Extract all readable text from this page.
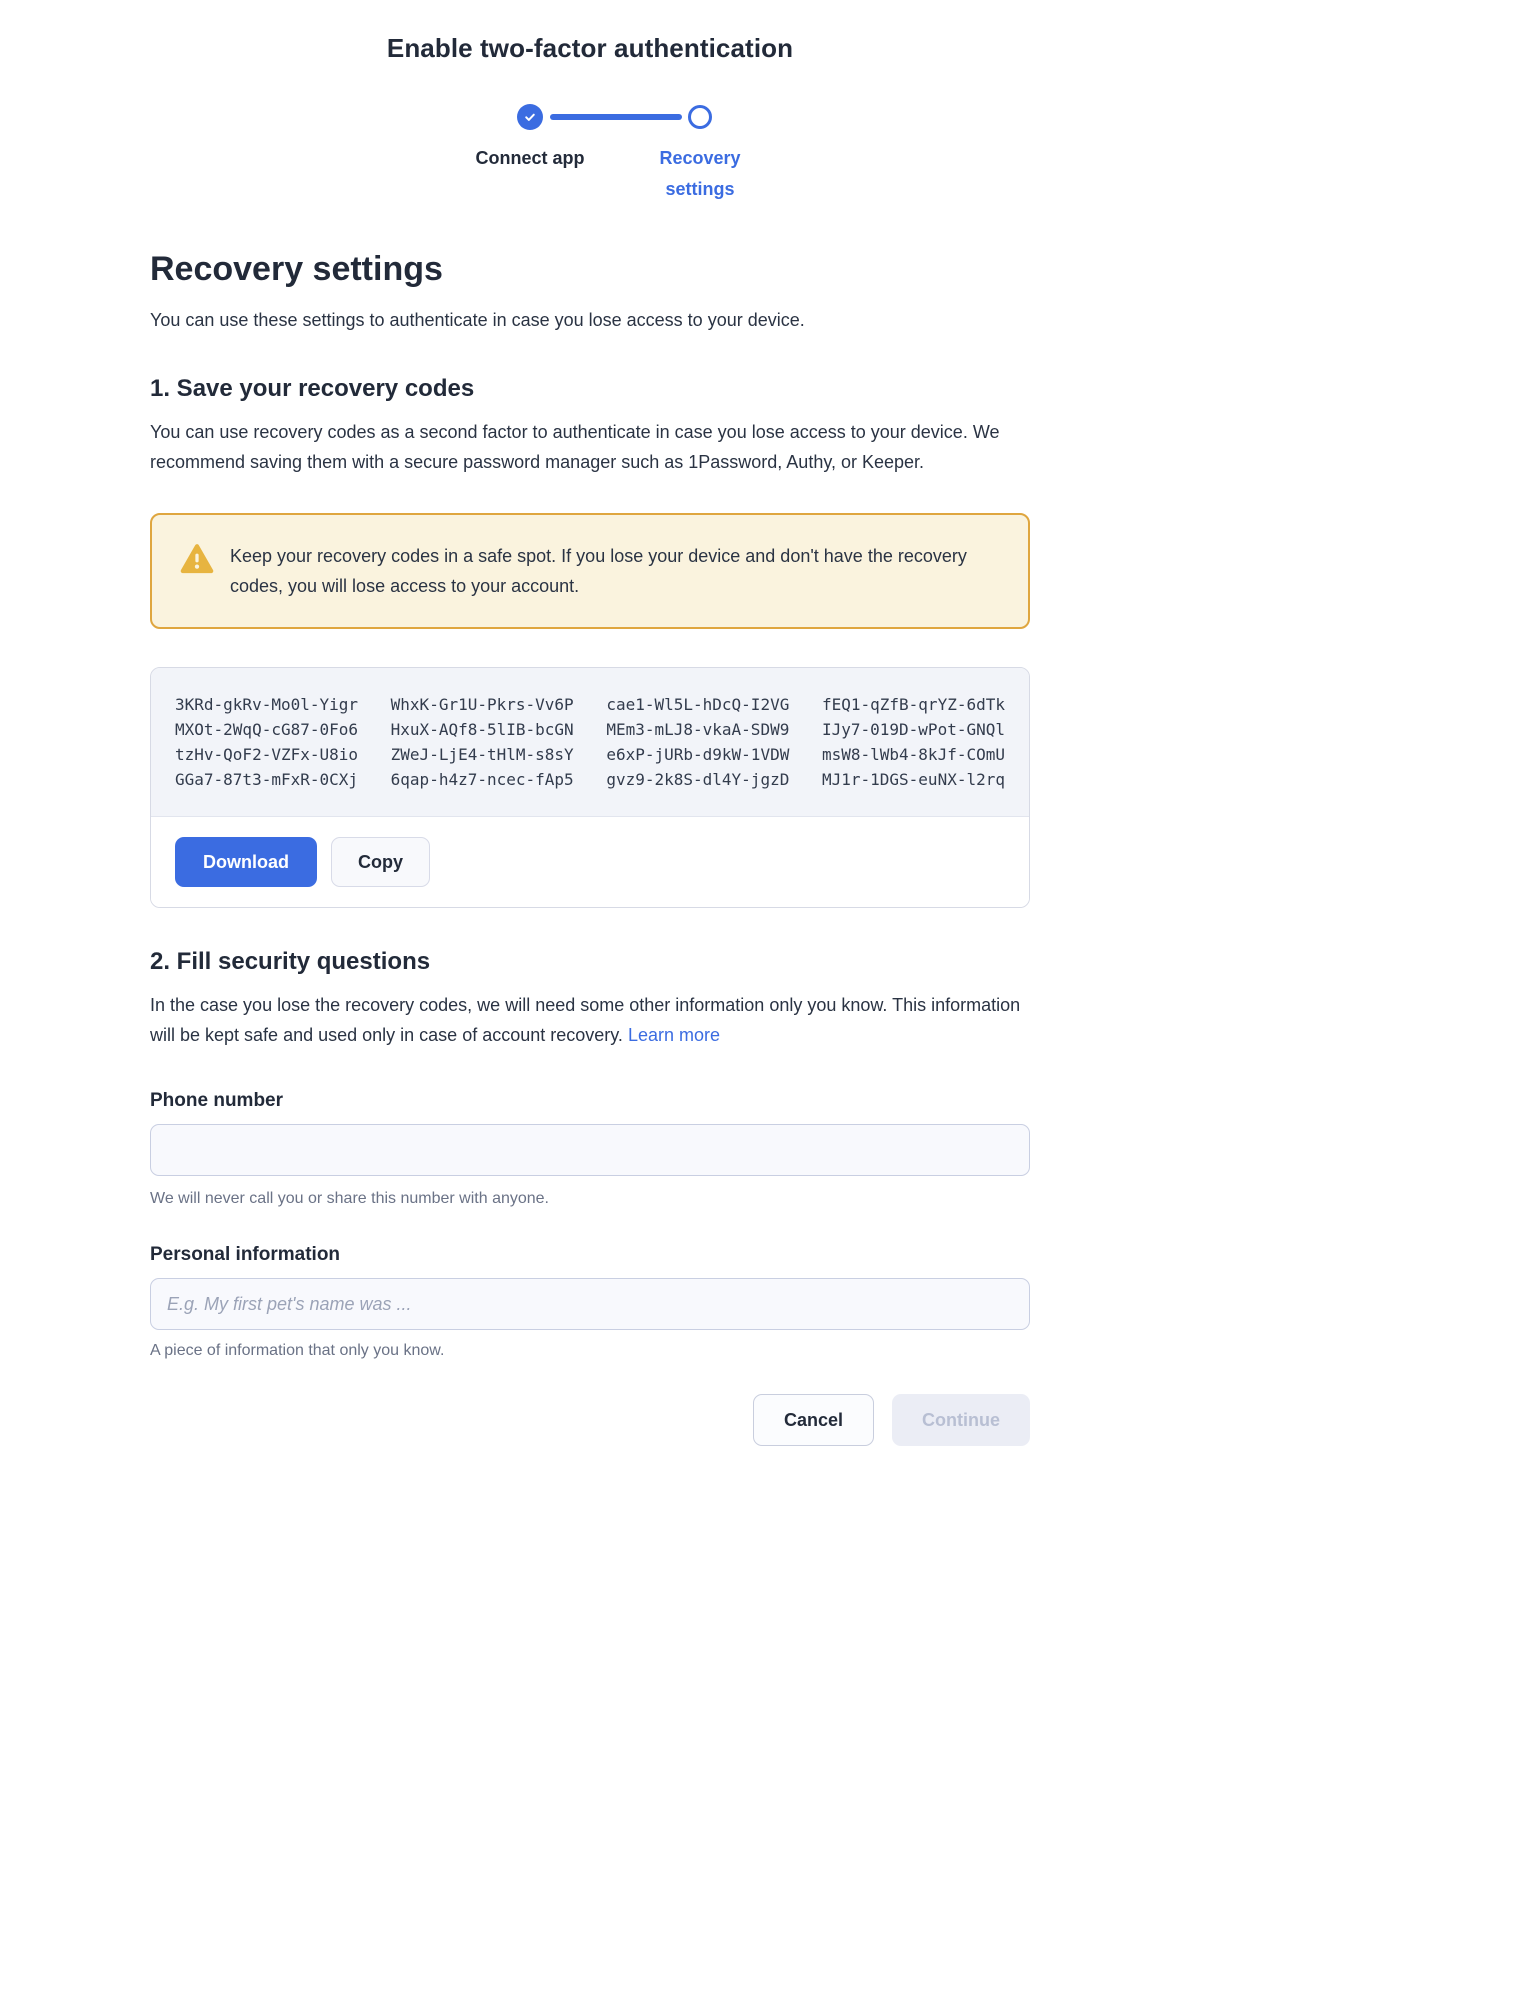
Enable two-factor authentication
Connect app	Recovery settings
Recovery settings

You can use these settings to authenticate in case you lose access to your device.

1. Save your recovery codes

You can use recovery codes as a second factor to authenticate in case you lose access to your device. We recommend saving them with a secure password manager such as 1Password, Authy, or Keeper.

Keep your recovery codes in a safe spot. If you lose your device and don't have the recovery codes, you will lose access to your account.
3KRd-gkRv-Mo0l-Yigr WhxK-Gr1U-Pkrs-Vv6P cae1-Wl5L-hDcQ-I2VG fEQ1-qZfB-qrYZ-6dTk
MXOt-2WqQ-cG87-0Fo6 HxuX-AQf8-5lIB-bcGN MEm3-mLJ8-vkaA-SDW9 IJy7-019D-wPot-GNQl
tzHv-QoF2-VZFx-U8io ZWeJ-LjE4-tHlM-s8sY e6xP-jURb-d9kW-1VDW msW8-lWb4-8kJf-COmU
GGa7-87t3-mFxR-0CXj 6qap-h4z7-ncec-fAp5 gvz9-2k8S-dl4Y-jgzD MJ1r-1DGS-euNX-l2rq
Download	Copy
2. Fill security questions

In the case you lose the recovery codes, we will need some other information only you know. This information will be kept safe and used only in case of account recovery. Learn more

Phone number
We will never call you or share this number with anyone.
Personal information
E.g. My first pet's name was ...
A piece of information that only you know.
Cancel	Continue
